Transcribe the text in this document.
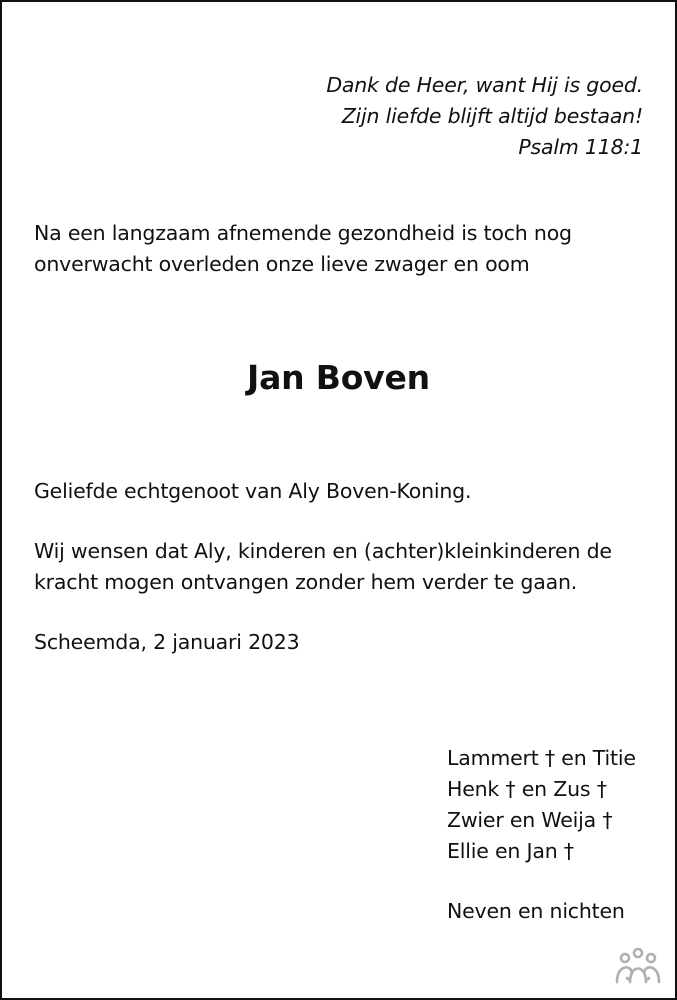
Dank de Heer, want Hij is goed.
Zijn liefde blijft altijd bestaan!
Psalm 118:1
Na een langzaam afnemende gezondheid is toch nog
onverwacht overleden onze lieve zwager en oom
Jan Boven
Geliefde echtgenoot van Aly Boven-Koning.
Wij wensen dat Aly, kinderen en (achter)kleinkinderen de
kracht mogen ontvangen zonder hem verder te gaan.
Scheemda, 2 januari 2023
Lammert † en Titie
Henk † en Zus †
Zwier en Weija †
Ellie en Jan †
Neven en nichten
